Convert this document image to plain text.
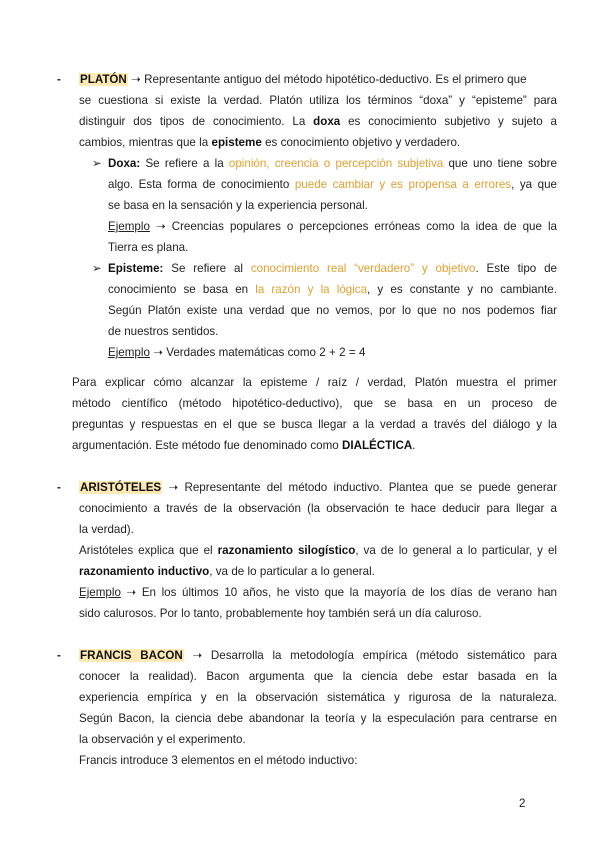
- PLATÓN ➝ Representante antiguo del método hipotético-deductivo. Es el primero que
se cuestiona si existe la verdad. Platón utiliza los términos “doxa” y “episteme” para
distinguir dos tipos de conocimiento. La doxa es conocimiento subjetivo y sujeto a
cambios, mientras que la episteme es conocimiento objetivo y verdadero.
➢ Doxa: Se refiere a la opinión, creencia o percepción subjetiva que uno tiene sobre
algo. Esta forma de conocimiento puede cambiar y es propensa a errores, ya que
se basa en la sensación y la experiencia personal.
Ejemplo ➝ Creencias populares o percepciones erróneas como la idea de que la
Tierra es plana.
➢ Episteme: Se refiere al conocimiento real “verdadero” y objetivo. Este tipo de
conocimiento se basa en la razón y la lógica, y es constante y no cambiante.
Según Platón existe una verdad que no vemos, por lo que no nos podemos fiar
de nuestros sentidos.
Ejemplo ➝ Verdades matemáticas como 2 + 2 = 4
Para explicar cómo alcanzar la episteme / raíz / verdad, Platón muestra el primer
método científico (método hipotético-deductivo), que se basa en un proceso de
preguntas y respuestas en el que se busca llegar a la verdad a través del diálogo y la
argumentación. Este método fue denominado como DIALÉCTICA.
- ARISTÓTELES ➝ Representante del método inductivo. Plantea que se puede generar
conocimiento a través de la observación (la observación te hace deducir para llegar a
la verdad).
Aristóteles explica que el razonamiento silogístico, va de lo general a lo particular, y el
razonamiento inductivo, va de lo particular a lo general.
Ejemplo ➝ En los últimos 10 años, he visto que la mayoría de los días de verano han
sido calurosos. Por lo tanto, probablemente hoy también será un día caluroso.
- FRANCIS BACON ➝ Desarrolla la metodología empírica (método sistemático para
conocer la realidad). Bacon argumenta que la ciencia debe estar basada en la
experiencia empírica y en la observación sistemática y rigurosa de la naturaleza.
Según Bacon, la ciencia debe abandonar la teoría y la especulación para centrarse en
la observación y el experimento.
Francis introduce 3 elementos en el método inductivo:
2
